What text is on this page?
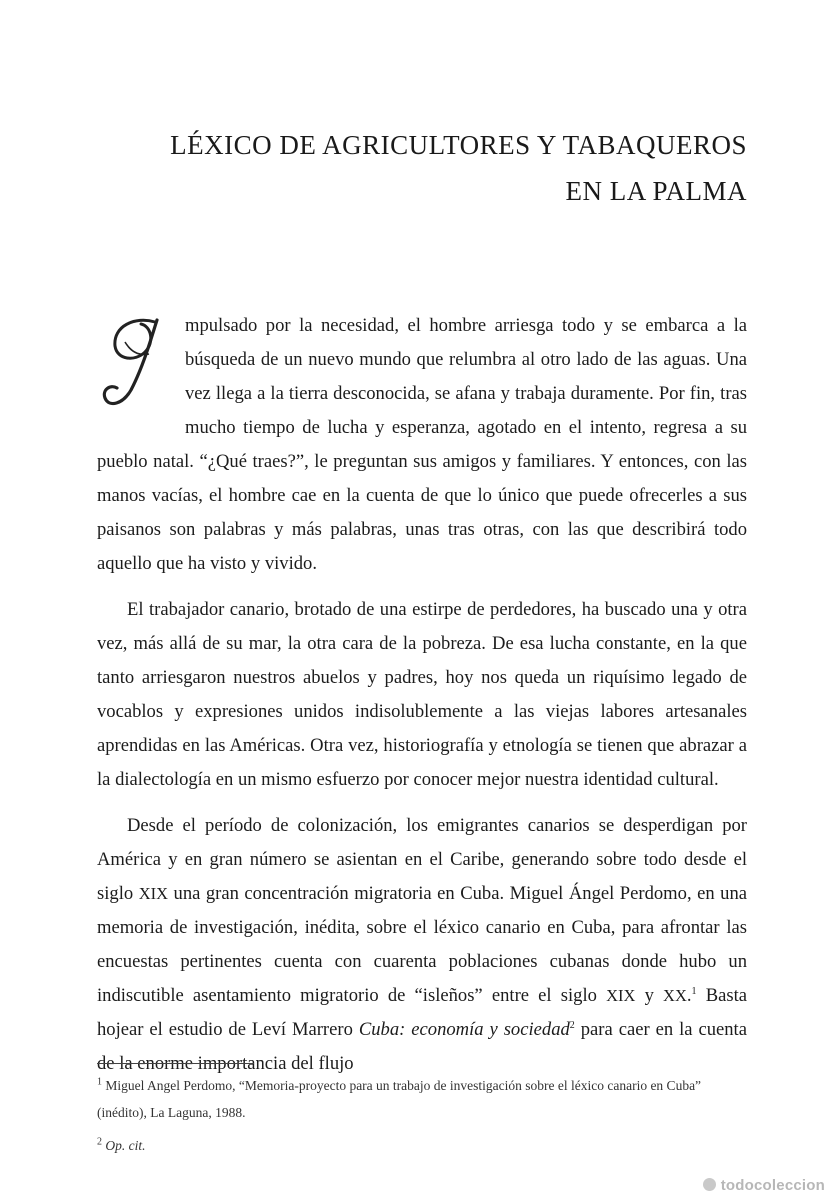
LÉXICO DE AGRICULTORES Y TABAQUEROS
EN LA PALMA

mpulsado por la necesidad, el hombre arriesga todo y se embarca a la búsqueda de un nuevo mundo que relumbra al otro lado de las aguas. Una vez llega a la tierra desconocida, se afana y trabaja duramente. Por fin, tras mucho tiempo de lucha y esperanza, agotado en el intento, regresa a su pueblo natal. “¿Qué traes?”, le preguntan sus amigos y familiares. Y entonces, con las manos vacías, el hombre cae en la cuenta de que lo único que puede ofrecerles a sus paisanos son palabras y más palabras, unas tras otras, con las que describirá todo aquello que ha visto y vivido.

El trabajador canario, brotado de una estirpe de perdedores, ha buscado una y otra vez, más allá de su mar, la otra cara de la pobreza. De esa lucha constante, en la que tanto arriesgaron nuestros abuelos y padres, hoy nos queda un riquísimo legado de vocablos y expresiones unidos indisolublemente a las viejas labores artesanales aprendidas en las Américas. Otra vez, historiografía y etnología se tienen que abrazar a la dialectología en un mismo esfuerzo por conocer mejor nuestra identidad cultural.

Desde el período de colonización, los emigrantes canarios se desperdigan por América y en gran número se asientan en el Caribe, generando sobre todo desde el siglo XIX una gran concentración migratoria en Cuba. Miguel Ángel Perdomo, en una memoria de investigación, inédita, sobre el léxico canario en Cuba, para afrontar las encuestas pertinentes cuenta con cuarenta poblaciones cubanas donde hubo un indiscutible asentamiento migratorio de “isleños” entre el siglo XIX y XX.$^1$ Basta hojear el estudio de Leví Marrero Cuba: economía y sociedad$^2$ para caer en la cuenta de la enorme importancia del flujo

$^1$ Miguel Angel Perdomo, “Memoria-proyecto para un trabajo de investigación sobre el léxico canario en Cuba” (inédito), La Laguna, 1988.

$^2$ Op. cit.

todocoleccion
